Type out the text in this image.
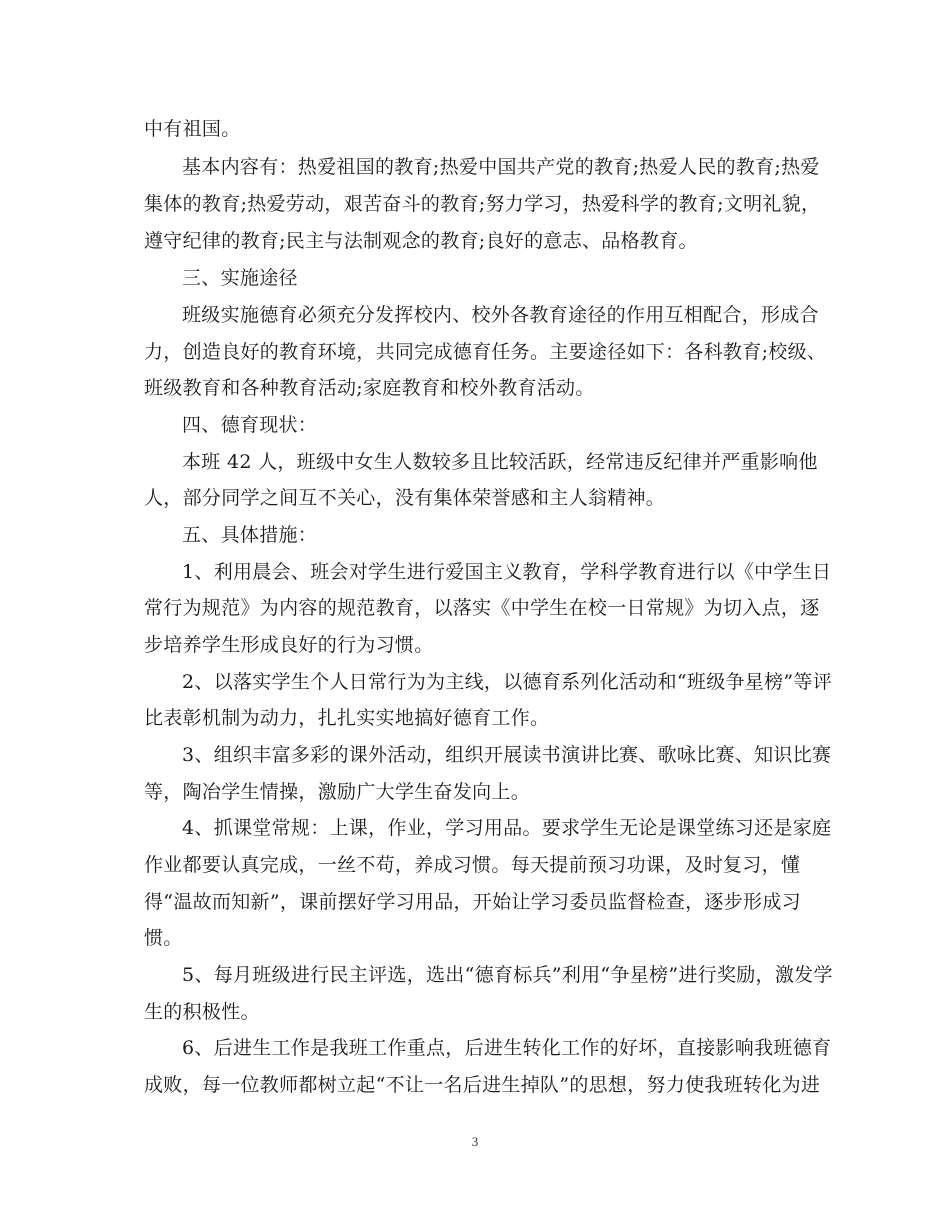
中有祖国。
基本内容有：热爱祖国的教育;热爱中国共产党的教育;热爱人民的教育;热爱
集体的教育;热爱劳动，艰苦奋斗的教育;努力学习，热爱科学的教育;文明礼貌，
遵守纪律的教育;民主与法制观念的教育;良好的意志、品格教育。
三、实施途径
班级实施德育必须充分发挥校内、校外各教育途径的作用互相配合，形成合
力，创造良好的教育环境，共同完成德育任务。主要途径如下：各科教育;校级、
班级教育和各种教育活动;家庭教育和校外教育活动。
四、德育现状：
本班 42 人，班级中女生人数较多且比较活跃，经常违反纪律并严重影响他
人，部分同学之间互不关心，没有集体荣誉感和主人翁精神。
五、具体措施：
1、利用晨会、班会对学生进行爱国主义教育，学科学教育进行以《中学生日
常行为规范》为内容的规范教育，以落实《中学生在校一日常规》为切入点，逐
步培养学生形成良好的行为习惯。
2、以落实学生个人日常行为为主线，以德育系列化活动和“班级争星榜”等评
比表彰机制为动力，扎扎实实地搞好德育工作。
3、组织丰富多彩的课外活动，组织开展读书演讲比赛、歌咏比赛、知识比赛
等，陶冶学生情操，激励广大学生奋发向上。
4、抓课堂常规：上课，作业，学习用品。要求学生无论是课堂练习还是家庭
作业都要认真完成，一丝不苟，养成习惯。每天提前预习功课，及时复习，懂
得“温故而知新”，课前摆好学习用品，开始让学习委员监督检查，逐步形成习
惯。
5、每月班级进行民主评选，选出“德育标兵”利用“争星榜”进行奖励，激发学
生的积极性。
6、后进生工作是我班工作重点，后进生转化工作的好坏，直接影响我班德育
成败，每一位教师都树立起“不让一名后进生掉队”的思想，努力使我班转化为进
3
